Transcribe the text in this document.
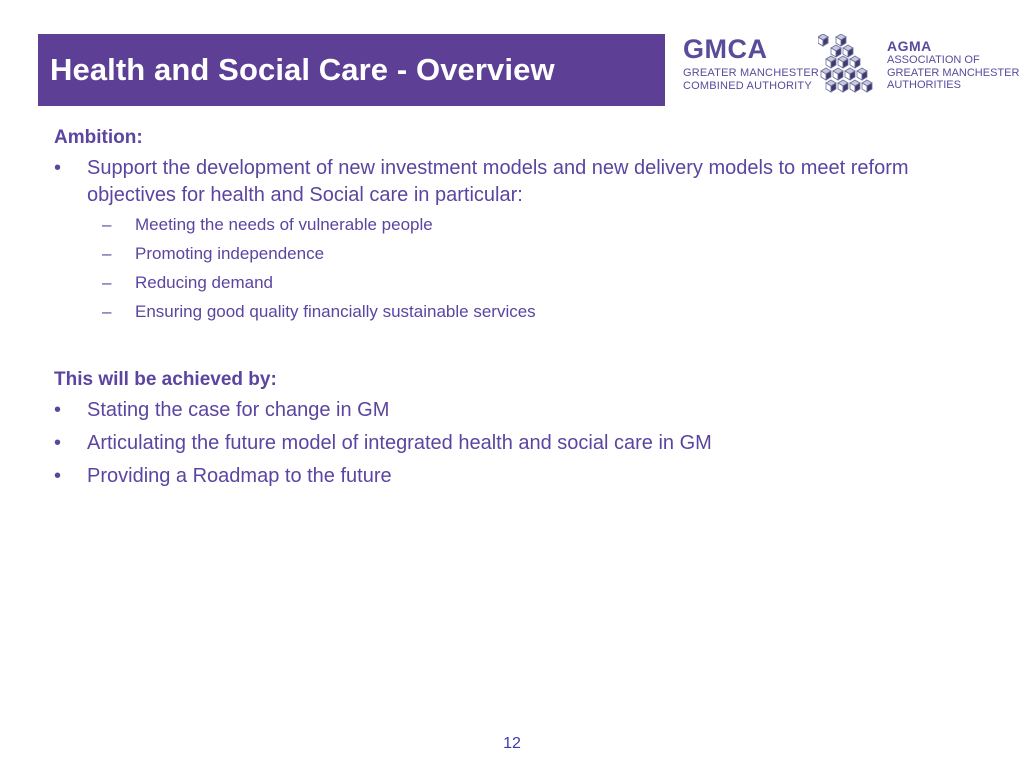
Health and Social Care - Overview
GMCA
GREATER MANCHESTER
COMBINED AUTHORITY
AGMA
ASSOCIATION OF
GREATER MANCHESTER
AUTHORITIES

Ambition:

• Support the development of new investment models and new delivery models to meet reform objectives for health and Social care in particular:
– Meeting the needs of vulnerable people
– Promoting independence
– Reducing demand
– Ensuring good quality financially sustainable services

This will be achieved by:

• Stating the case for change in GM
• Articulating the future model of integrated health and social care in GM
• Providing a Roadmap to the future
12
